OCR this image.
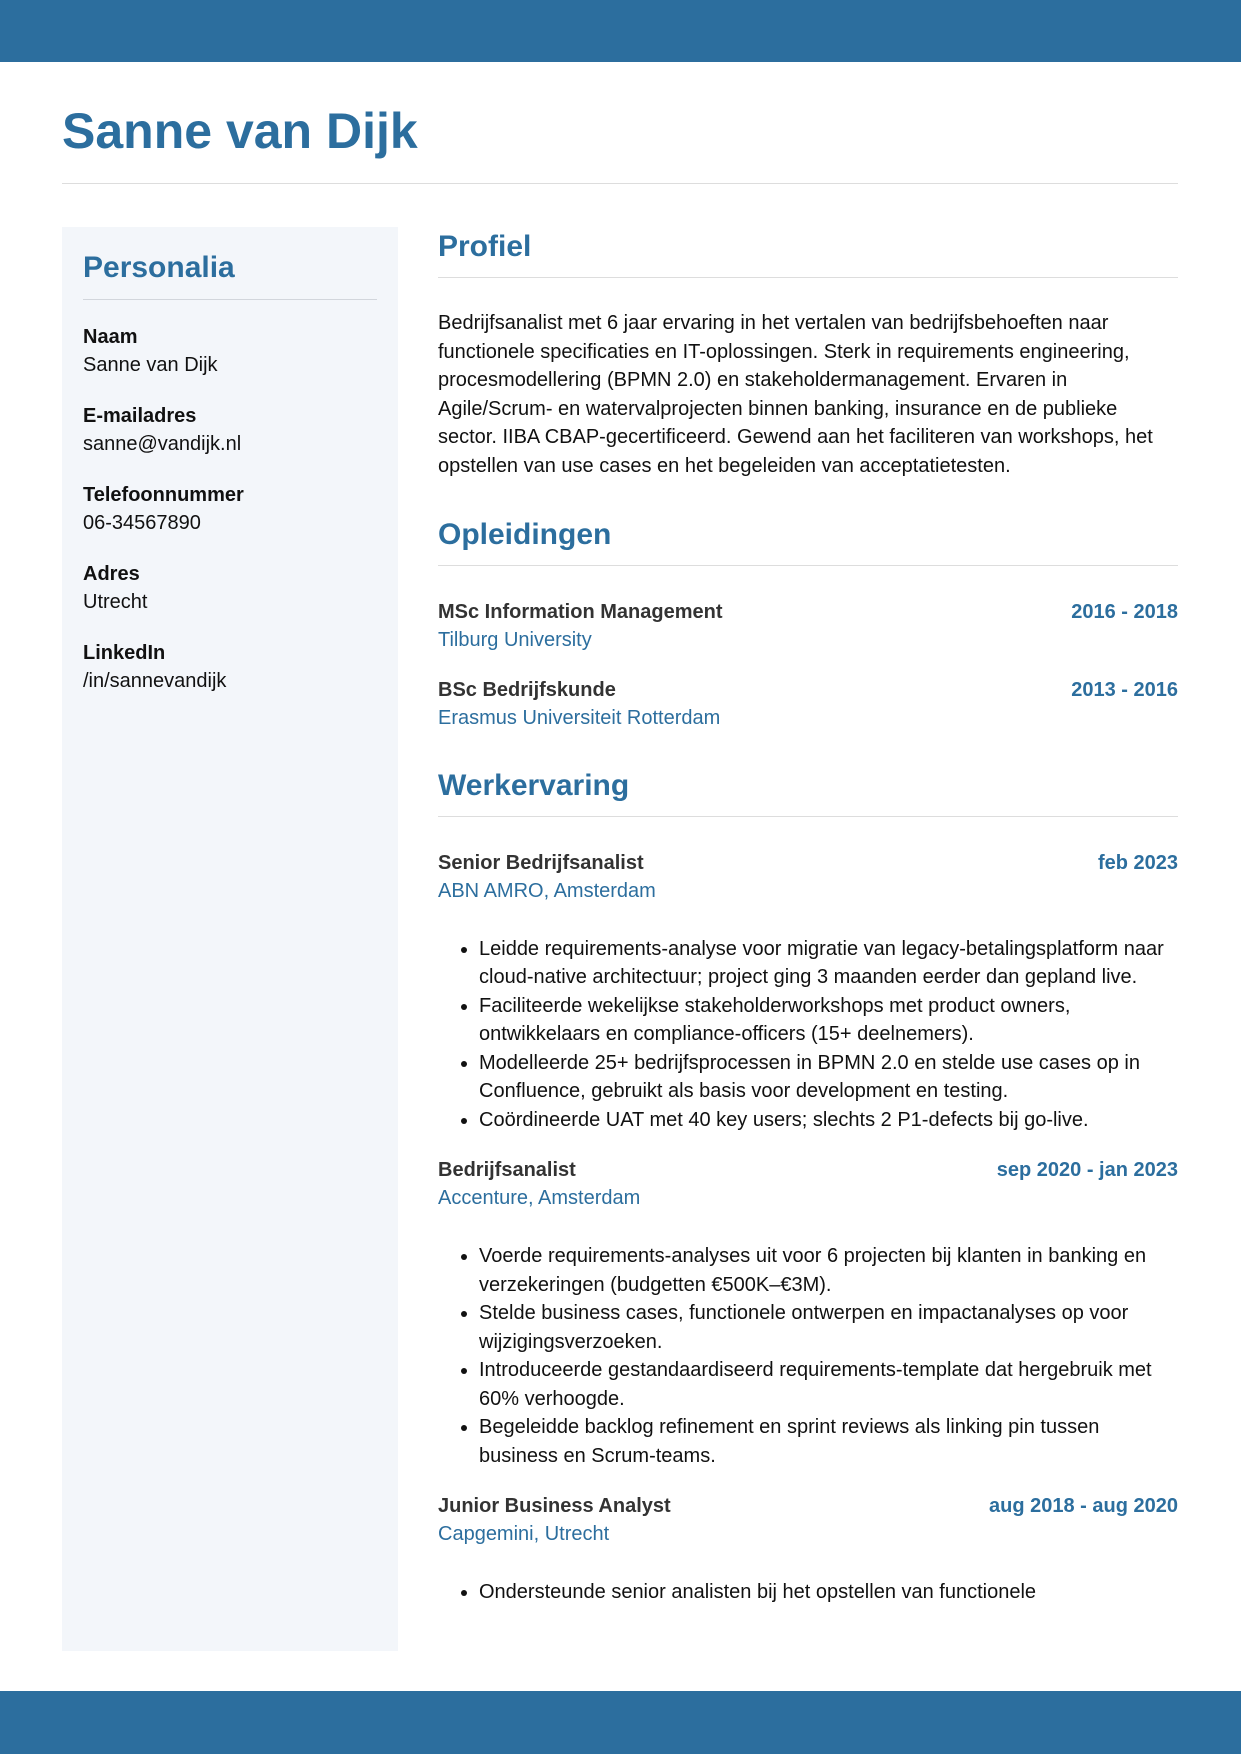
Sanne van Dijk
Personalia
Naam
Sanne van Dijk
E-mailadres
sanne@vandijk.nl
Telefoonnummer
06-34567890
Adres
Utrecht
LinkedIn
/in/sannevandijk
Profiel

Bedrijfsanalist met 6 jaar ervaring in het vertalen van bedrijfsbehoeften naar functionele specificaties en IT-oplossingen. Sterk in requirements engineering, procesmodellering (BPMN 2.0) en stakeholdermanagement. Ervaren in Agile/Scrum- en watervalprojecten binnen banking, insurance en de publieke sector. IIBA CBAP-gecertificeerd. Gewend aan het faciliteren van workshops, het opstellen van use cases en het begeleiden van acceptatietesten.

Opleidingen
MSc Information Management	2016 - 2018
Tilburg University
BSc Bedrijfskunde	2013 - 2016
Erasmus Universiteit Rotterdam
Werkervaring
Senior Bedrijfsanalist	feb 2023
ABN AMRO, Amsterdam
• Leidde requirements-analyse voor migratie van legacy-betalingsplatform naar cloud-native architectuur; project ging 3 maanden eerder dan gepland live.
• Faciliteerde wekelijkse stakeholderworkshops met product owners, ontwikkelaars en compliance-officers (15+ deelnemers).
• Modelleerde 25+ bedrijfsprocessen in BPMN 2.0 en stelde use cases op in Confluence, gebruikt als basis voor development en testing.
• Coördineerde UAT met 40 key users; slechts 2 P1-defects bij go-live.
Bedrijfsanalist	sep 2020 - jan 2023
Accenture, Amsterdam
• Voerde requirements-analyses uit voor 6 projecten bij klanten in banking en verzekeringen (budgetten €500K–€3M).
• Stelde business cases, functionele ontwerpen en impactanalyses op voor wijzigingsverzoeken.
• Introduceerde gestandaardiseerd requirements-template dat hergebruik met 60% verhoogde.
• Begeleidde backlog refinement en sprint reviews als linking pin tussen business en Scrum-teams.
Junior Business Analyst	aug 2018 - aug 2020
Capgemini, Utrecht
• Ondersteunde senior analisten bij het opstellen van functionele
